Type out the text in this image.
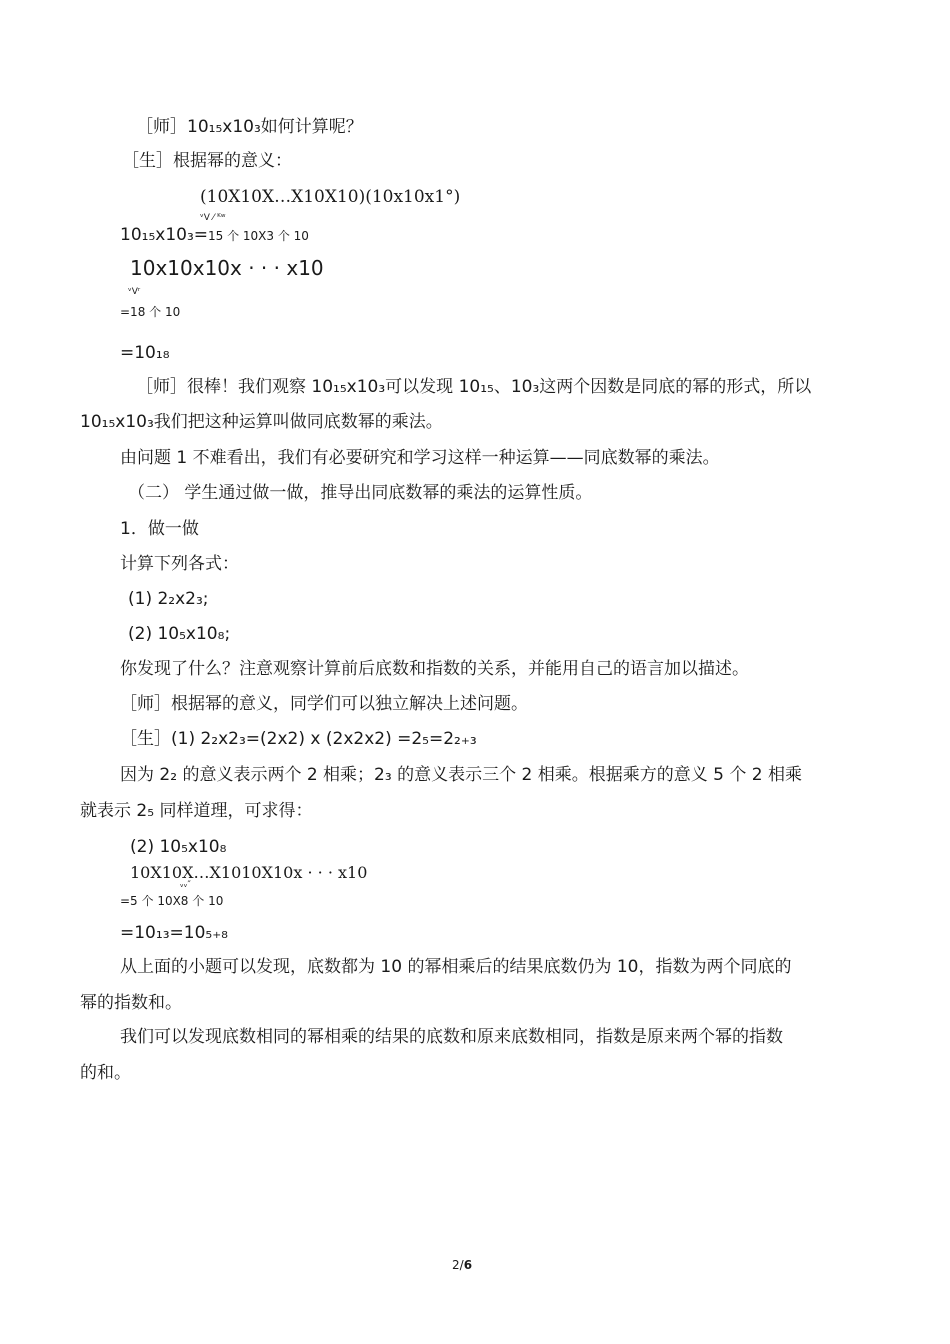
［师］10₁₅x10₃如何计算呢？
［生］根据幂的意义：
(10X10X…X10X10)(10x10x1°)
ᵛV ⁄ ᴷʷ
10₁₅x10₃=15 个 10X3 个 10
10x10x10x · · · x10
ᵛVʳ
=18 个 10
=10₁₈
［师］很棒！我们观察 10₁₅x10₃可以发现 10₁₅、10₃这两个因数是同底的幂的形式，所以
10₁₅x10₃我们把这种运算叫做同底数幂的乘法。
由问题 1 不难看出，我们有必要研究和学习这样一种运算——同底数幂的乘法。
（二） 学生通过做一做，推导出同底数幂的乘法的运算性质。
1．做一做
计算下列各式：
(1) 2₂x2₃;
(2) 10₅x10₈;
你发现了什么？注意观察计算前后底数和指数的关系，并能用自己的语言加以描述。
［师］根据幂的意义，同学们可以独立解决上述问题。
［生］(1) 2₂x2₃=(2x2) x (2x2x2) =2₅=2₂₊₃
因为 2₂ 的意义表示两个 2 相乘；2₃ 的意义表示三个 2 相乘。根据乘方的意义 5 个 2 相乘
就表示 2₅ 同样道理，可求得：
(2) 10₅x10₈
10X10X…X1010X10x · · · x10
ᵥᵥ″
=5 个 10X8 个 10
=10₁₃=10₅₊₈
从上面的小题可以发现，底数都为 10 的幂相乘后的结果底数仍为 10，指数为两个同底的
幂的指数和。
我们可以发现底数相同的幂相乘的结果的底数和原来底数相同，指数是原来两个幂的指数
的和。
2/6
